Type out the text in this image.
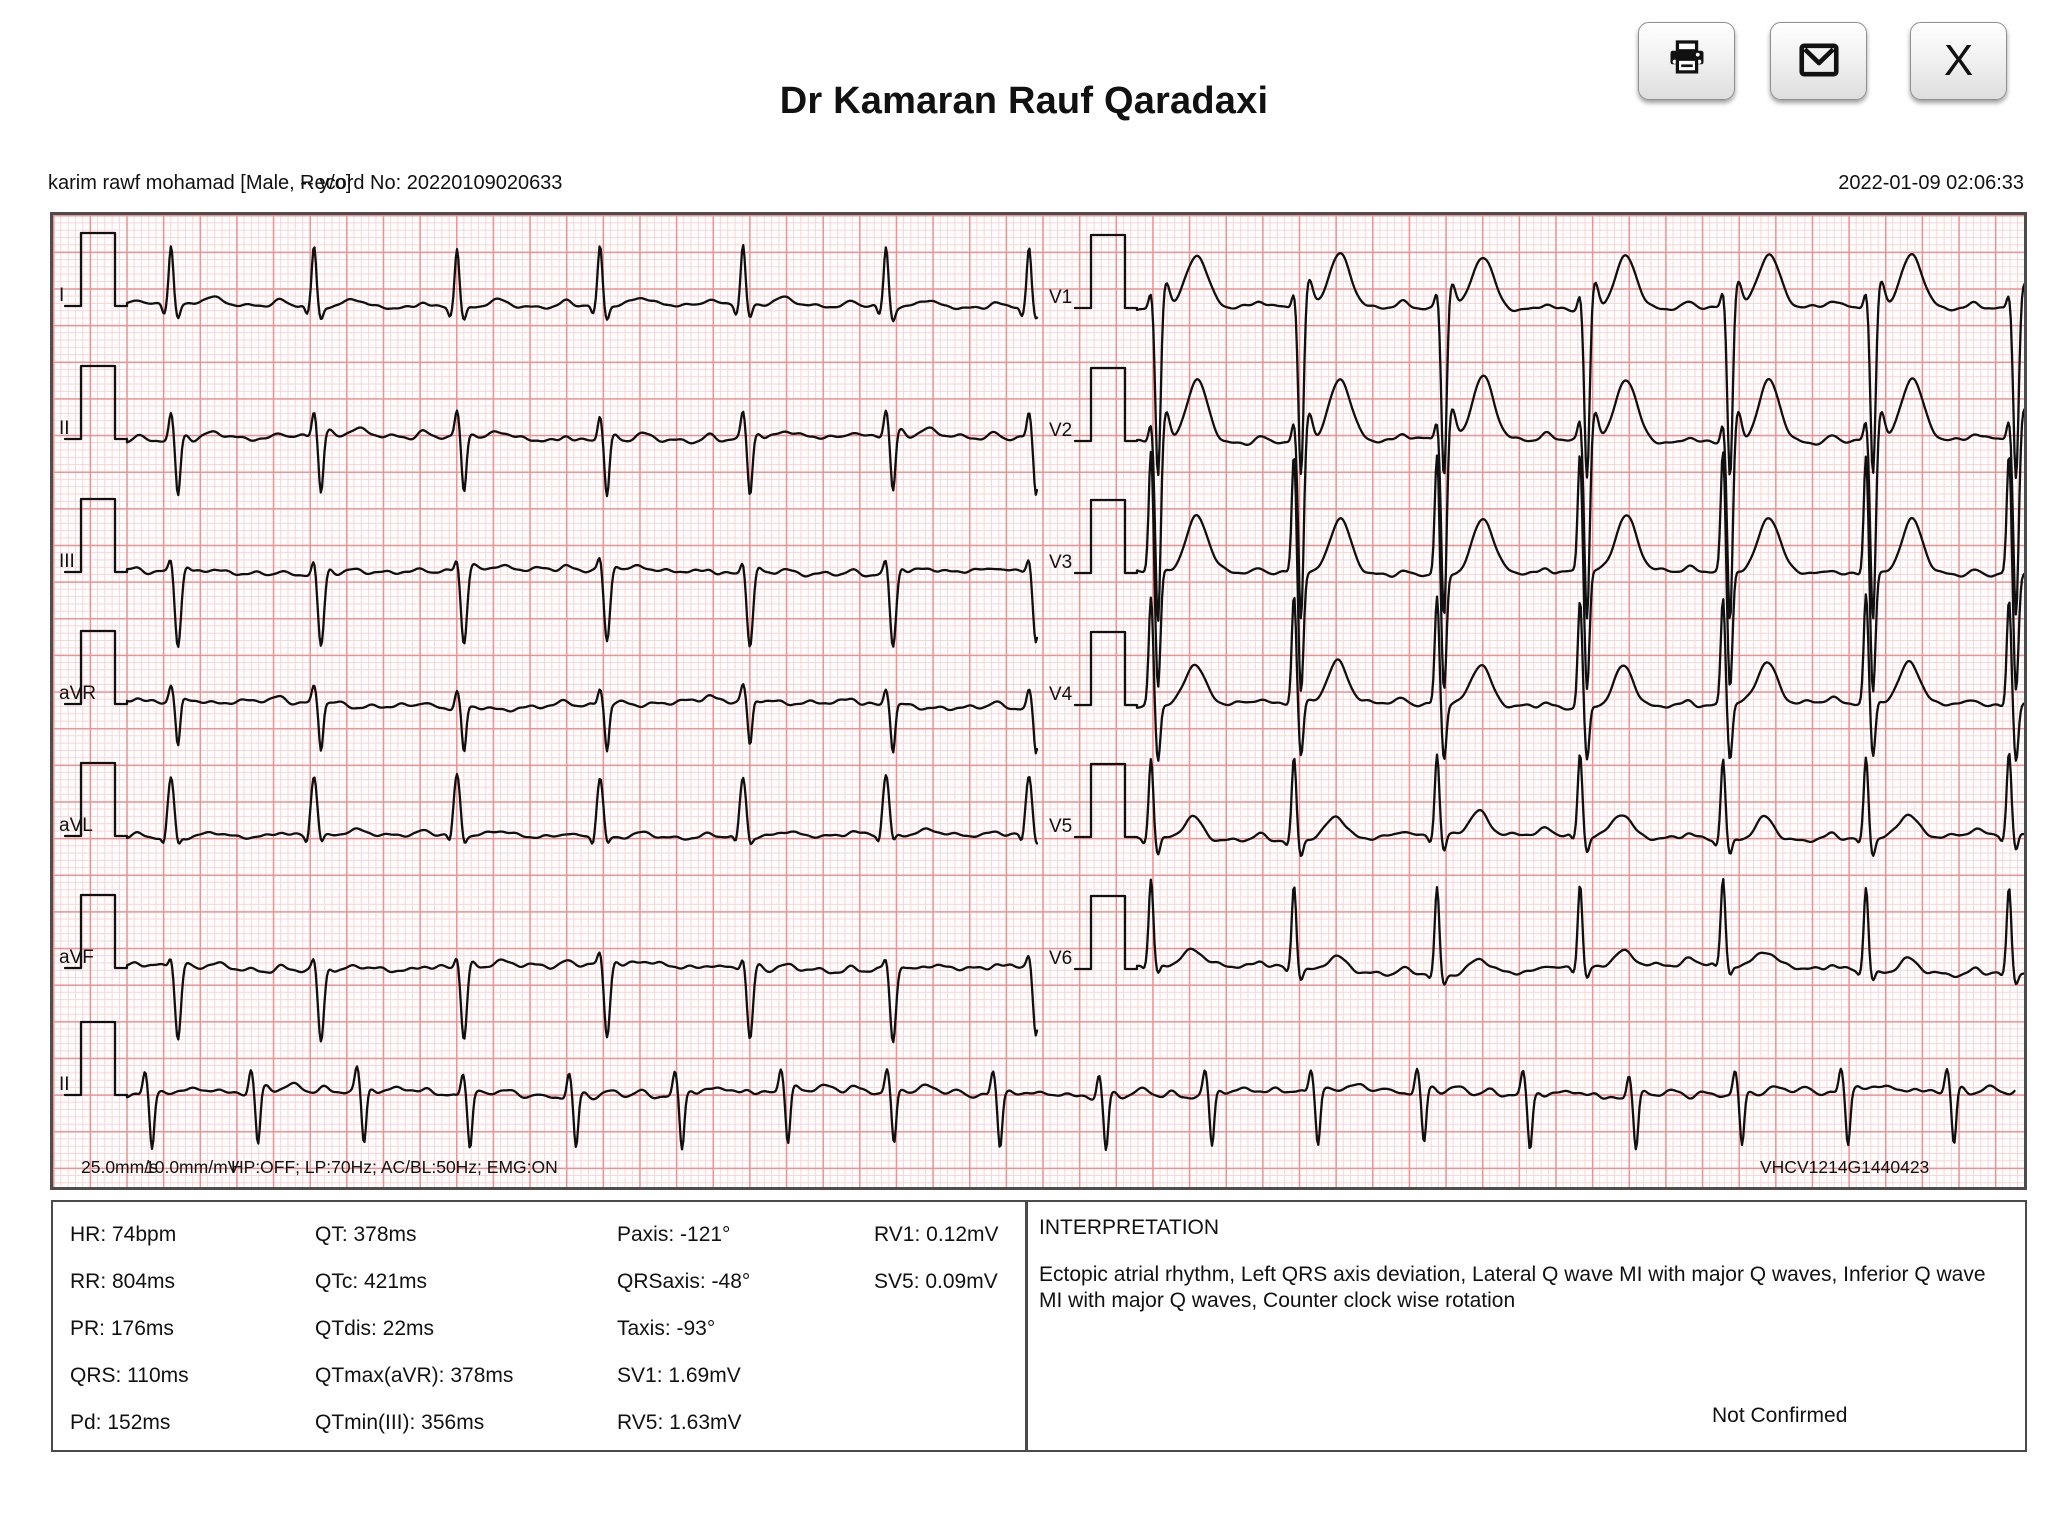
X
Dr Kamaran Rauf Qaradaxi
karim rawf mohamad [Male, -- y/o]
Record No: 20220109020633	2022-01-09 02:06:33
25.0mm/s
10.0mm/mV
HP:OFF; LP:70Hz; AC/BL:50Hz; EMG:ON	VHCV1214G1440423
I
II
III
aVR
aVL
aVF
V1
V2
V3
V4
V5
V6
II
HR: 74bpm
RR: 804ms
PR: 176ms
QRS: 110ms
Pd: 152ms
QT: 378ms
QTc: 421ms
QTdis: 22ms
QTmax(aVR): 378ms
QTmin(III): 356ms
Paxis: -121°
QRSaxis: -48°
Taxis: -93°
SV1: 1.69mV
RV5: 1.63mV
RV1: 0.12mV
SV5: 0.09mV
INTERPRETATION
Ectopic atrial rhythm, Left QRS axis deviation, Lateral Q wave MI with major Q waves, Inferior Q wave MI with major Q waves, Counter clock wise rotation
Not Confirmed
